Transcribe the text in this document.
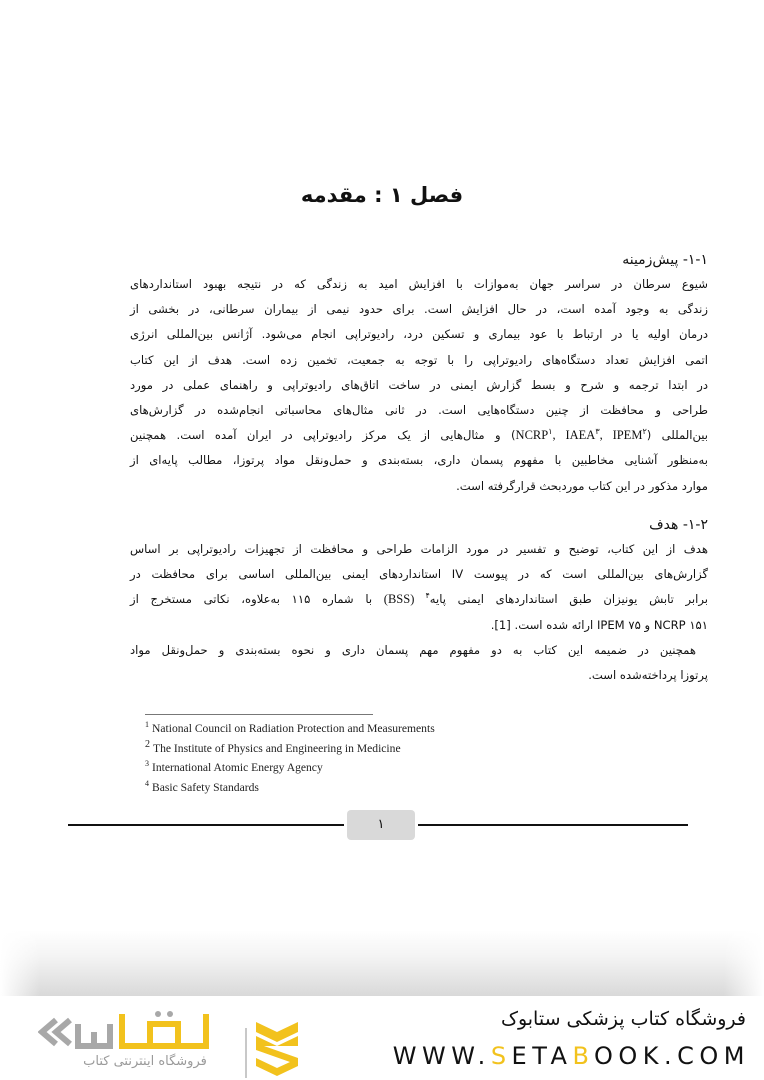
فصل ۱ : مقدمه
۱-۱- پیش‌زمینه

شیوع سرطان در سراسر جهان به‌موازات با افزایش امید به زندگی که در نتیجه بهبود استانداردهای
زندگی به وجود آمده است، در حال افزایش است. برای حدود نیمی از بیماران سرطانی، در بخشی از
درمان اولیه یا در ارتباط با عود بیماری و تسکین درد، رادیوتراپی انجام می‌شود. آژانس بین‌المللی انرژی
اتمی افزایش تعداد دستگاه‌های رادیوتراپی را با توجه به جمعیت، تخمین زده است. هدف از این کتاب
در ابتدا ترجمه و شرح و بسط گزارش ایمنی در ساخت اتاق‌های رادیوتراپی و راهنمای عملی در مورد
طراحی و محافظت از چنین دستگاه‌هایی است. در ثانی مثال‌های محاسباتی انجام‌شده در گزارش‌های
بین‌المللی (NCRP$^۱$, IAEA$^۳$, IPEM$^۲$) و مثال‌هایی از یک مرکز رادیوتراپی در ایران آمده است. همچنین
به‌منظور آشنایی مخاطبین با مفهوم پسمان داری، بسته‌بندی و حمل‌ونقل مواد پرتوزا، مطالب پایه‌ای از
موارد مذکور در این کتاب موردبحث قرارگرفته است.

۱-۲- هدف

هدف از این کتاب، توضیح و تفسیر در مورد الزامات طراحی و محافظت از تجهیزات رادیوتراپی بر اساس
گزارش‌های بین‌المللی است که در پیوست IV استانداردهای ایمنی بین‌المللی اساسی برای محافظت در
برابر تابش یونیزان طبق استانداردهای ایمنی پایه$^۴$ (BSS) با شماره ۱۱۵ به‌علاوه، نکاتی مستخرج از
NCRP ۱۵۱ و IPEM ۷۵ ارائه شده است. [1].

همچنین در ضمیمه این کتاب به دو مفهوم مهم پسمان داری و نحوه بسته‌بندی و حمل‌ونقل مواد
پرتوزا پرداخته‌شده است.

$^1$ National Council on Radiation Protection and Measurements
$^2$ The Institute of Physics and Engineering in Medicine
$^3$ International Atomic Energy Agency
$^4$ Basic Safety Standards
۱
فروشگاه کتاب پزشکی ستابوک
WWW.SETABOOK.COM
فروشگاه اینترنتی کتاب
